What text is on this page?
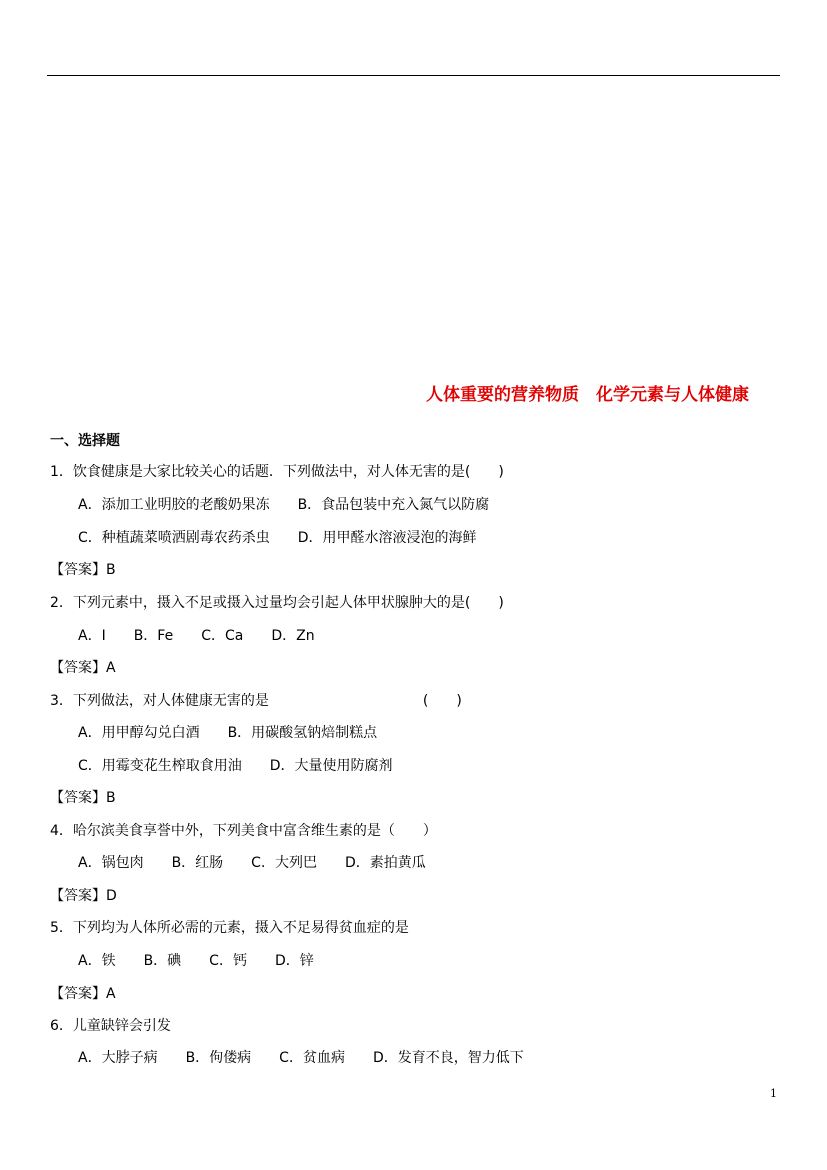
人体重要的营养物质　化学元素与人体健康
一、选择题
1．饮食健康是大家比较关心的话题．下列做法中，对人体无害的是(　　)
A．添加工业明胶的老酸奶果冻　　B．食品包装中充入氮气以防腐
C．种植蔬菜喷洒剧毒农药杀虫　　D．用甲醛水溶液浸泡的海鲜
【答案】B
2．下列元素中，摄入不足或摄入过量均会引起人体甲状腺肿大的是(　　)
A．I　　B．Fe　　C．Ca　　D．Zn
【答案】A
3．下列做法，对人体健康无害的是　　　　　　　　　　　(　　)
A．用甲醇勾兑白酒　　B．用碳酸氢钠焙制糕点
C．用霉变花生榨取食用油　　D．大量使用防腐剂
【答案】B
4．哈尔滨美食享誉中外，下列美食中富含维生素的是（　　）
A．锅包肉　　B．红肠　　C．大列巴　　D．素拍黄瓜
【答案】D
5．下列均为人体所必需的元素，摄入不足易得贫血症的是
A．铁　　B．碘　　C．钙　　D．锌
【答案】A
6．儿童缺锌会引发
A．大脖子病　　B．佝偻病　　C．贫血病　　D．发育不良，智力低下
1
